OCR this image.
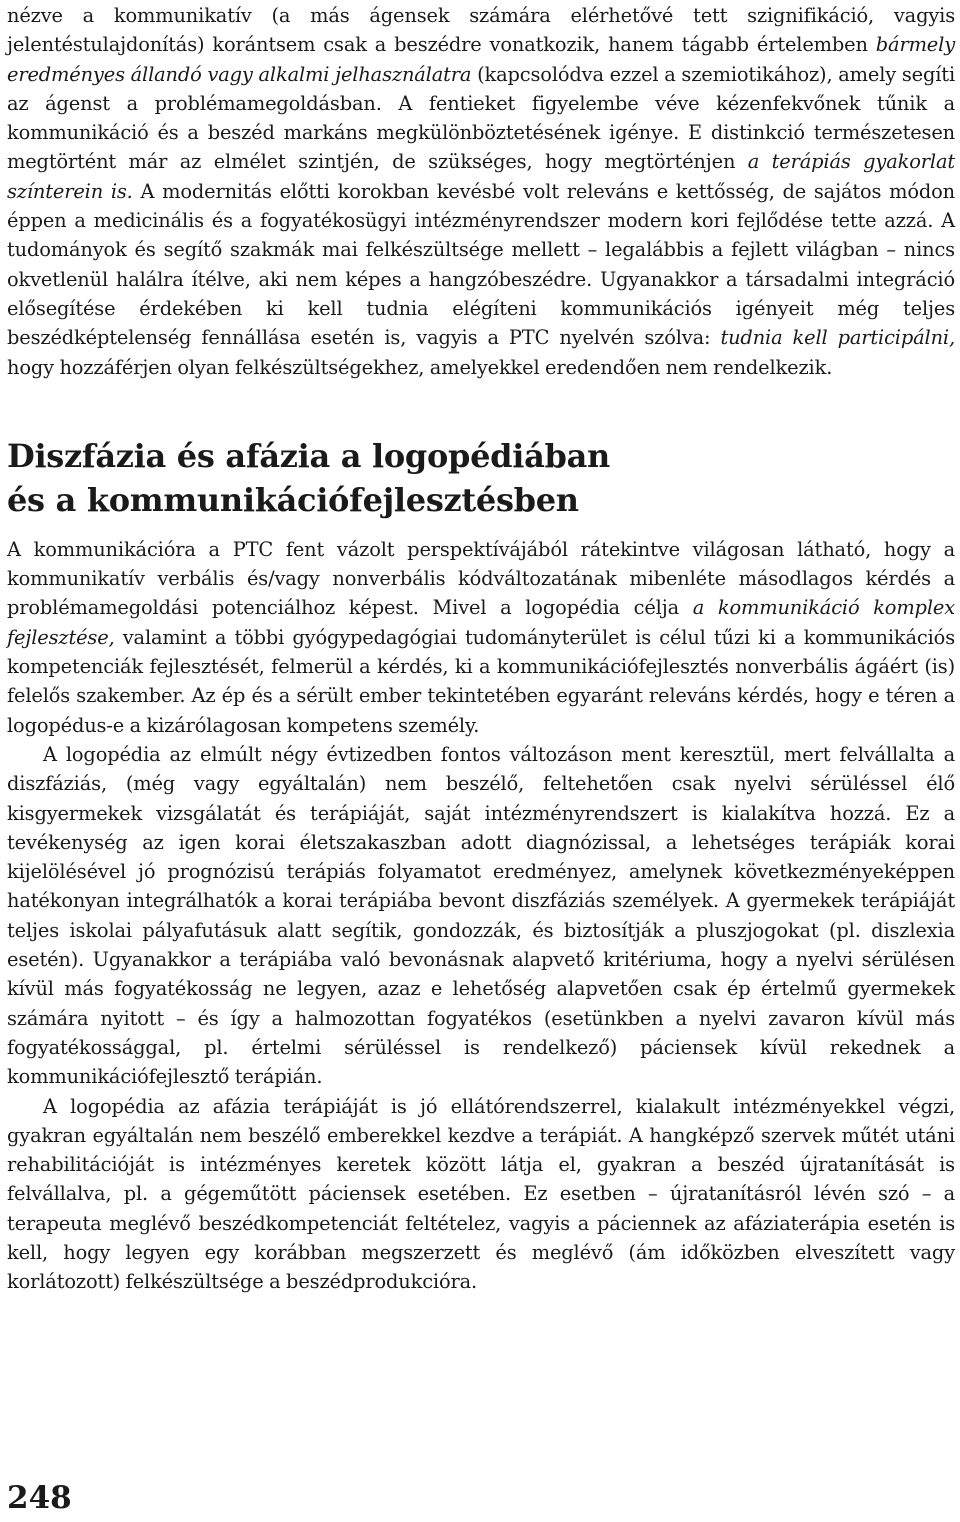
nézve a kommunikatív (a más ágensek számára elérhetővé tett szignifikáció, vagyis jelentéstulajdonítás) korántsem csak a beszédre vonatkozik, hanem tágabb értelemben bármely eredményes állandó vagy alkalmi jelhasználatra (kapcsolódva ezzel a szemiotikához), amely segíti az ágenst a problémamegoldásban. A fentieket figyelembe véve kézenfekvőnek tűnik a kommunikáció és a beszéd markáns megkülönböztetésének igénye. E distinkció természetesen megtörtént már az elmélet szintjén, de szükséges, hogy megtörténjen a terápiás gyakorlat színterein is. A modernitás előtti korokban kevésbé volt releváns e kettősség, de sajátos módon éppen a medicinális és a fogyatékosügyi intézményrendszer modern kori fejlődése tette azzá. A tudományok és segítő szakmák mai felkészültsége mellett – legalábbis a fejlett világban – nincs okvetlenül halálra ítélve, aki nem képes a hangzóbeszédre. Ugyanakkor a társadalmi integráció elősegítése érdekében ki kell tudnia elégíteni kommunikációs igényeit még teljes beszédképtelenség fennállása esetén is, vagyis a PTC nyelvén szólva: tudnia kell participálni, hogy hozzáférjen olyan felkészültségekhez, amelyekkel eredendően nem rendelkezik.

Diszfázia és afázia a logopédiában
és a kommunikációfejlesztésben

A kommunikációra a PTC fent vázolt perspektívájából rátekintve világosan látható, hogy a kommunikatív verbális és/vagy nonverbális kódváltozatának mibenléte másodlagos kérdés a problémamegoldási potenciálhoz képest. Mivel a logopédia célja a kommunikáció komplex fejlesztése, valamint a többi gyógypedagógiai tudományterület is célul tűzi ki a kommunikációs kompetenciák fejlesztését, felmerül a kérdés, ki a kommunikációfejlesztés nonverbális ágáért (is) felelős szakember. Az ép és a sérült ember tekintetében egyaránt releváns kérdés, hogy e téren a logopédus-e a kizárólagosan kompetens személy.

A logopédia az elmúlt négy évtizedben fontos változáson ment keresztül, mert felvállalta a diszfáziás, (még vagy egyáltalán) nem beszélő, feltehetően csak nyelvi sérüléssel élő kisgyermekek vizsgálatát és terápiáját, saját intézményrendszert is kialakítva hozzá. Ez a tevékenység az igen korai életszakaszban adott diagnózissal, a lehetséges terápiák korai kijelölésével jó prognózisú terápiás folyamatot eredményez, amelynek következményeképpen hatékonyan integrálhatók a korai terápiába bevont diszfáziás személyek. A gyermekek terápiáját teljes iskolai pályafutásuk alatt segítik, gondozzák, és biztosítják a pluszjogokat (pl. diszlexia esetén). Ugyanakkor a terápiába való bevonásnak alapvető kritériuma, hogy a nyelvi sérülésen kívül más fogyatékosság ne legyen, azaz e lehetőség alapvetően csak ép értelmű gyermekek számára nyitott – és így a halmozottan fogyatékos (esetünkben a nyelvi zavaron kívül más fogyatékossággal, pl. értelmi sérüléssel is rendelkező) páciensek kívül rekednek a kommunikációfejlesztő terápián.

A logopédia az afázia terápiáját is jó ellátórendszerrel, kialakult intézményekkel végzi, gyakran egyáltalán nem beszélő emberekkel kezdve a terápiát. A hangképző szervek műtét utáni rehabilitációját is intézményes keretek között látja el, gyakran a beszéd újratanítását is felvállalva, pl. a gégeműtött páciensek esetében. Ez esetben – újratanításról lévén szó – a terapeuta meglévő beszédkompetenciát feltételez, vagyis a páciennek az afáziaterápia esetén is kell, hogy legyen egy korábban megszerzett és meglévő (ám időközben elveszített vagy korlátozott) felkészültsége a beszédprodukcióra.

248
